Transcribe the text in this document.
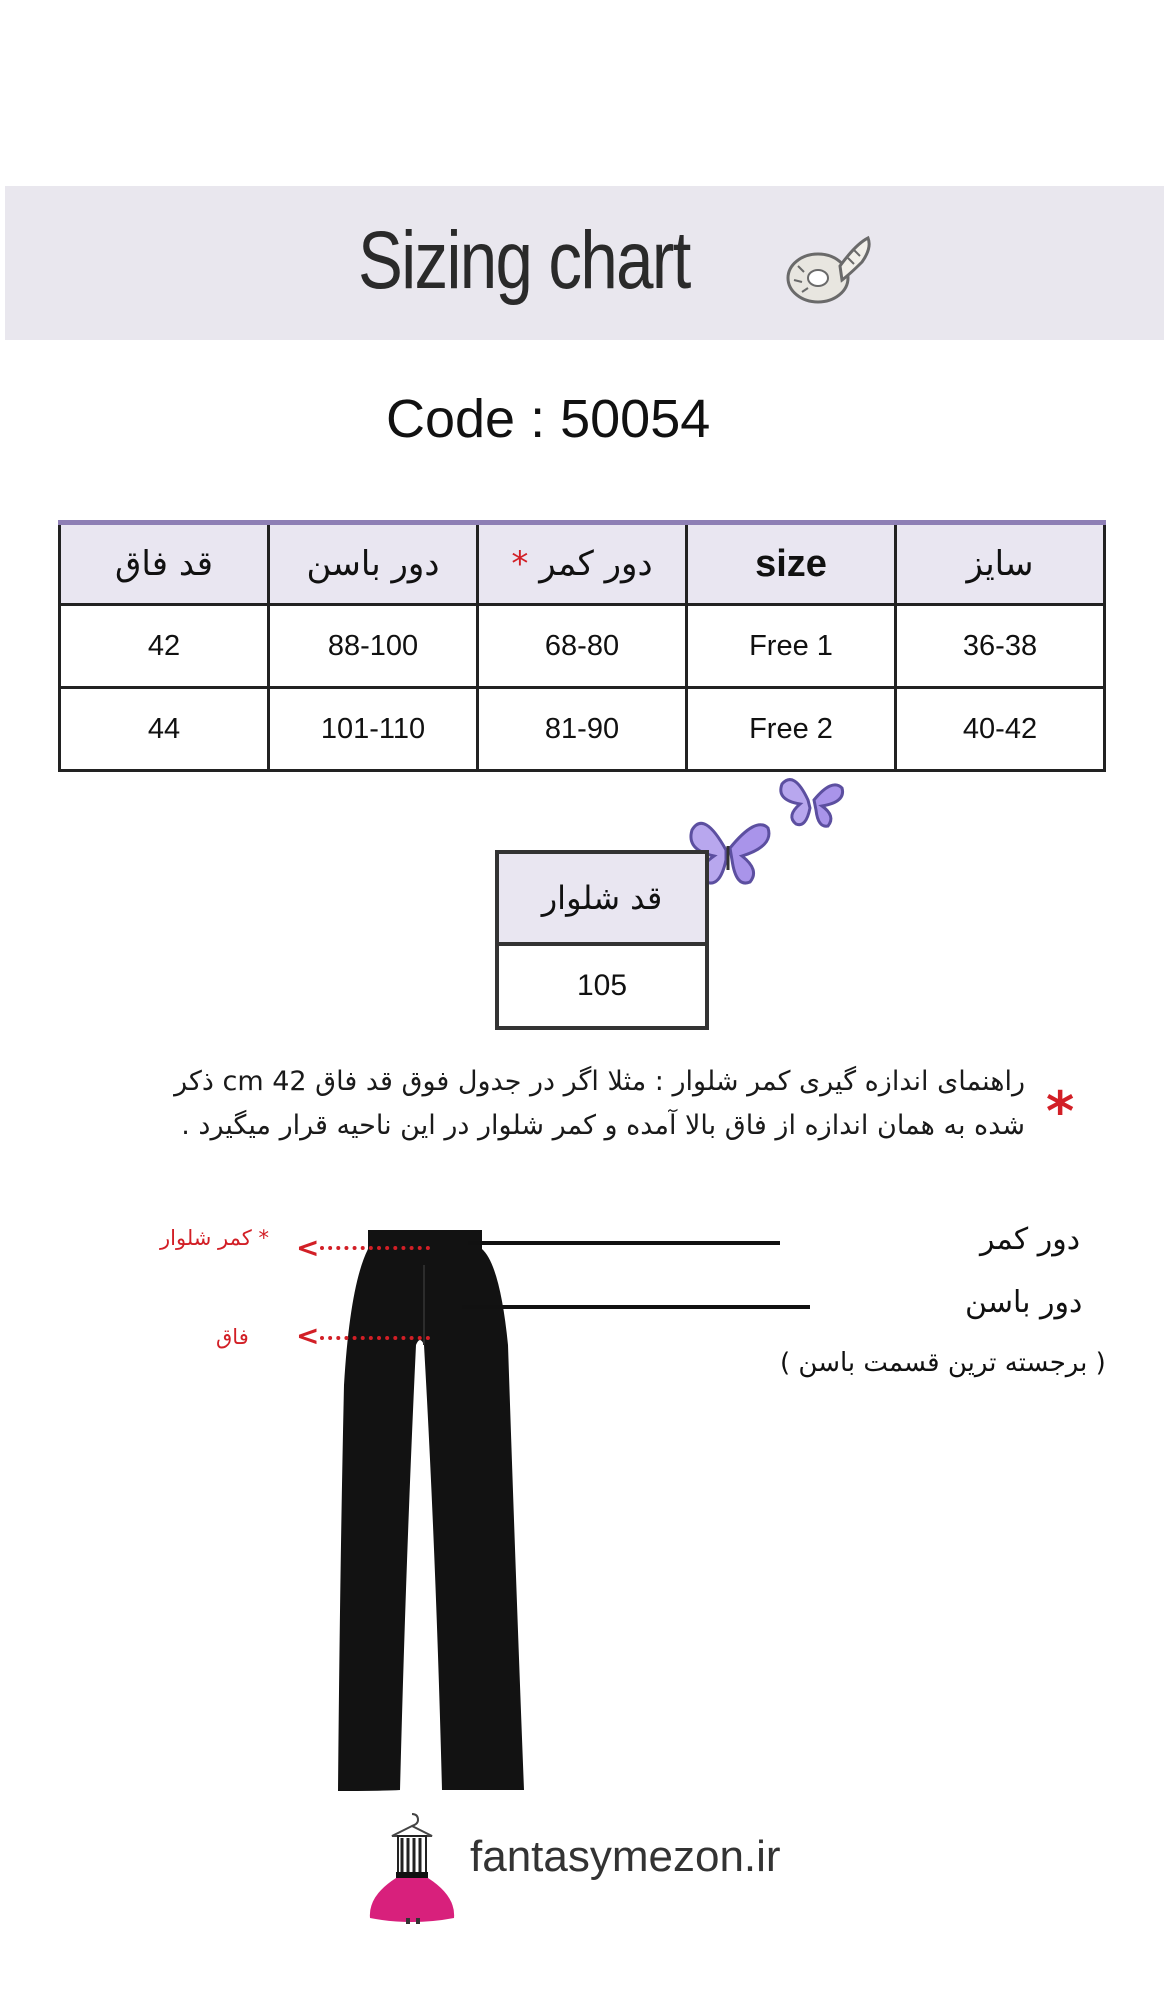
Sizing chart
Code : 50054
قد فاق	دور باسن	* دور کمر	size	سایز
42	88-100	68-80	Free 1	36-38
44	101-110	81-90	Free 2	40-42
قد شلوار
105
*
راهنمای اندازه گیری کمر شلوار : مثلا اگر در جدول فوق قد فاق 42 cm ذکر
شده به همان اندازه از فاق بالا آمده و کمر شلوار در این ناحیه قرار میگیرد .
دور کمر
دور باسن
( برجسته ترین قسمت باسن )
<
* کمر شلوار
<
فاق
fantasymezon.ir
